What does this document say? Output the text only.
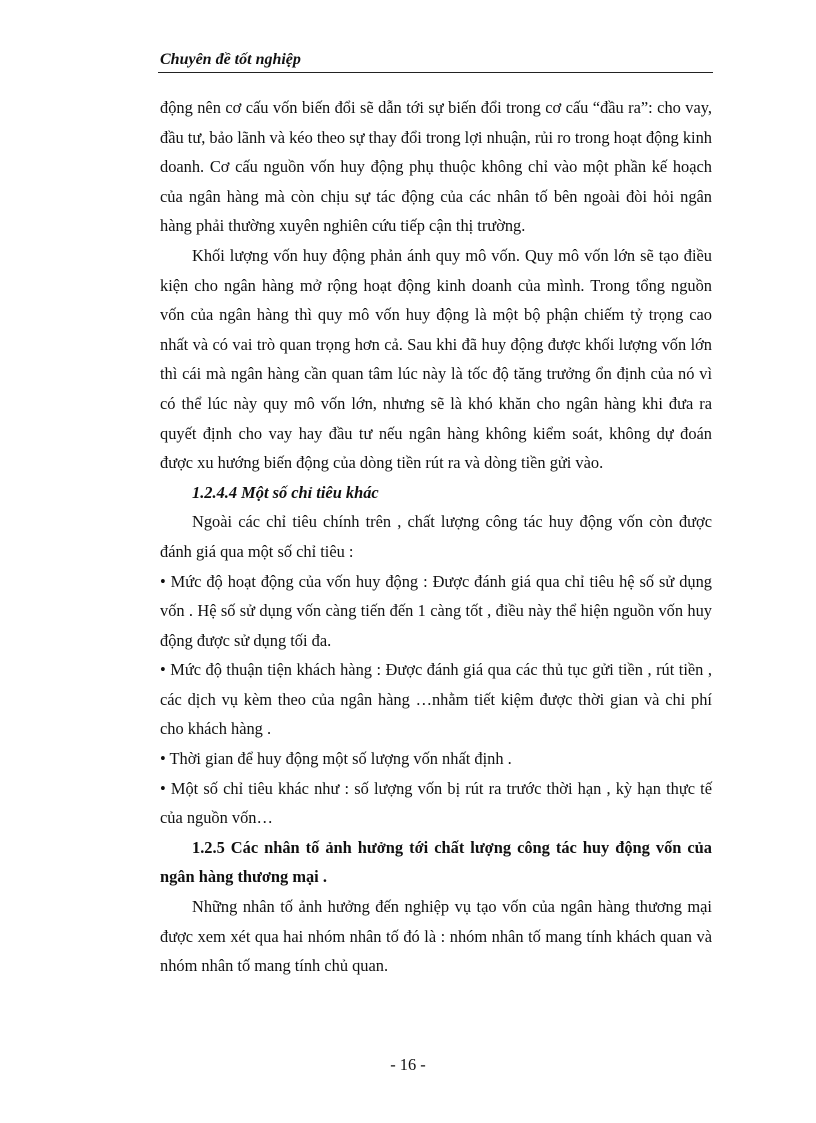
Chuyên đề tốt nghiệp

động nên cơ cấu vốn biến đổi sẽ dẫn tới sự biến đổi trong cơ cấu “đầu ra”: cho vay, đầu tư, bảo lãnh và kéo theo sự thay đổi trong lợi nhuận, rủi ro trong hoạt động kinh doanh. Cơ cấu nguồn vốn huy động phụ thuộc không chỉ vào một phần kế hoạch của ngân hàng mà còn chịu sự tác động của các nhân tố bên ngoài đòi hỏi ngân hàng phải thường xuyên nghiên cứu tiếp cận thị trường.

Khối lượng vốn huy động phản ánh quy mô vốn. Quy mô vốn lớn sẽ tạo điều kiện cho ngân hàng mở rộng hoạt động kinh doanh của mình. Trong tổng nguồn vốn của ngân hàng thì quy mô vốn huy động là một bộ phận chiếm tỷ trọng cao nhất và có vai trò quan trọng hơn cả. Sau khi đã huy động được khối lượng vốn lớn thì cái mà ngân hàng cần quan tâm lúc này là tốc độ tăng trưởng ổn định của nó vì có thể lúc này quy mô vốn lớn, nhưng sẽ là khó khăn cho ngân hàng khi đưa ra quyết định cho vay hay đầu tư nếu ngân hàng không kiểm soát, không dự đoán được xu hướng biến động của dòng tiền rút ra và dòng tiền gửi vào.

1.2.4.4 Một số chỉ tiêu khác

Ngoài các chỉ tiêu chính trên , chất lượng công tác huy động vốn còn được đánh giá qua một số chỉ tiêu :

• Mức độ hoạt động của vốn huy động : Được đánh giá qua chỉ tiêu hệ số sử dụng vốn . Hệ số sử dụng vốn càng tiến đến 1 càng tốt , điều này thể hiện nguồn vốn huy động được sử dụng tối đa.

• Mức độ thuận tiện khách hàng : Được đánh giá qua các thủ tục gửi tiền , rút tiền , các dịch vụ kèm theo của ngân hàng …nhằm tiết kiệm được thời gian và chi phí cho khách hàng .

• Thời gian để huy động một số lượng vốn nhất định .

• Một số chỉ tiêu khác như : số lượng vốn bị rút ra trước thời hạn , kỳ hạn thực tế của nguồn vốn…

1.2.5 Các nhân tố ảnh hưởng tới chất lượng công tác huy động vốn của ngân hàng thương mại .

Những nhân tố ảnh hưởng đến nghiệp vụ tạo vốn của ngân hàng thương mại được xem xét qua hai nhóm nhân tố đó là : nhóm nhân tố mang tính khách quan và nhóm nhân tố mang tính chủ quan.

- 16 -
